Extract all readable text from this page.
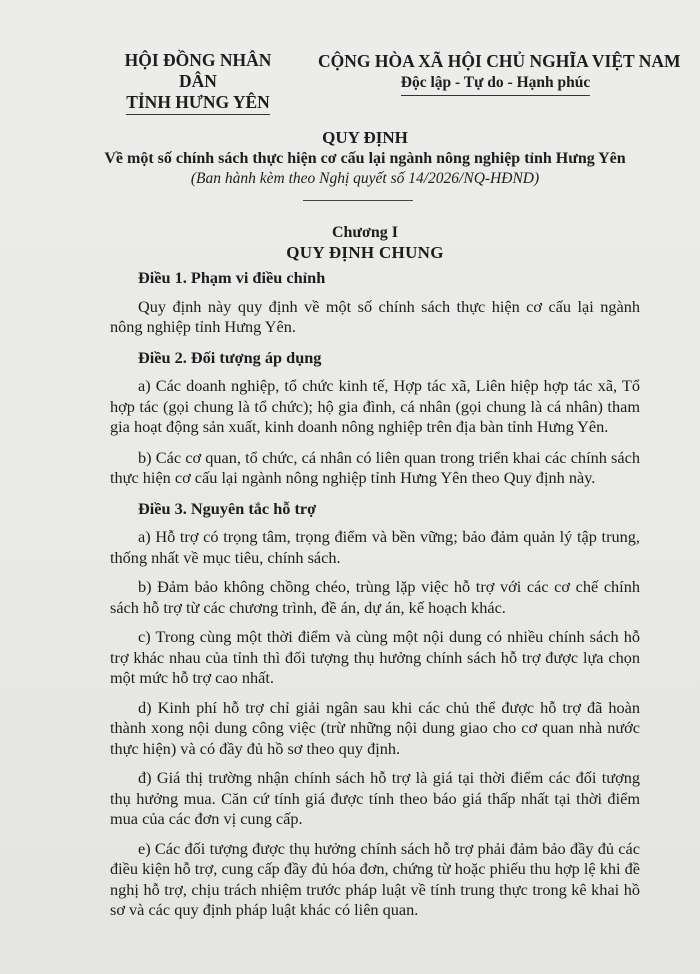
HỘI ĐỒNG NHÂN DÂN
TỈNH HƯNG YÊN
CỘNG HÒA XÃ HỘI CHỦ NGHĨA VIỆT NAM
Độc lập - Tự do - Hạnh phúc
QUY ĐỊNH
Về một số chính sách thực hiện cơ cấu lại ngành nông nghiệp tỉnh Hưng Yên
(Ban hành kèm theo Nghị quyết số 14/2026/NQ-HĐND)
Chương I
QUY ĐỊNH CHUNG
Điều 1. Phạm vi điều chỉnh

Quy định này quy định về một số chính sách thực hiện cơ cấu lại ngành nông nghiệp tỉnh Hưng Yên.

Điều 2. Đối tượng áp dụng

a) Các doanh nghiệp, tổ chức kinh tế, Hợp tác xã, Liên hiệp hợp tác xã, Tổ hợp tác (gọi chung là tổ chức); hộ gia đình, cá nhân (gọi chung là cá nhân) tham gia hoạt động sản xuất, kinh doanh nông nghiệp trên địa bàn tỉnh Hưng Yên.

b) Các cơ quan, tổ chức, cá nhân có liên quan trong triển khai các chính sách thực hiện cơ cấu lại ngành nông nghiệp tỉnh Hưng Yên theo Quy định này.

Điều 3. Nguyên tắc hỗ trợ

a) Hỗ trợ có trọng tâm, trọng điểm và bền vững; bảo đảm quản lý tập trung, thống nhất về mục tiêu, chính sách.

b) Đảm bảo không chồng chéo, trùng lặp việc hỗ trợ với các cơ chế chính sách hỗ trợ từ các chương trình, đề án, dự án, kế hoạch khác.

c) Trong cùng một thời điểm và cùng một nội dung có nhiều chính sách hỗ trợ khác nhau của tỉnh thì đối tượng thụ hưởng chính sách hỗ trợ được lựa chọn một mức hỗ trợ cao nhất.

d) Kinh phí hỗ trợ chỉ giải ngân sau khi các chủ thể được hỗ trợ đã hoàn thành xong nội dung công việc (trừ những nội dung giao cho cơ quan nhà nước thực hiện) và có đầy đủ hồ sơ theo quy định.

đ) Giá thị trường nhận chính sách hỗ trợ là giá tại thời điểm các đối tượng thụ hưởng mua. Căn cứ tính giá được tính theo báo giá thấp nhất tại thời điểm mua của các đơn vị cung cấp.

e) Các đối tượng được thụ hưởng chính sách hỗ trợ phải đảm bảo đầy đủ các điều kiện hỗ trợ, cung cấp đầy đủ hóa đơn, chứng từ hoặc phiếu thu hợp lệ khi đề nghị hỗ trợ, chịu trách nhiệm trước pháp luật về tính trung thực trong kê khai hồ sơ và các quy định pháp luật khác có liên quan.
